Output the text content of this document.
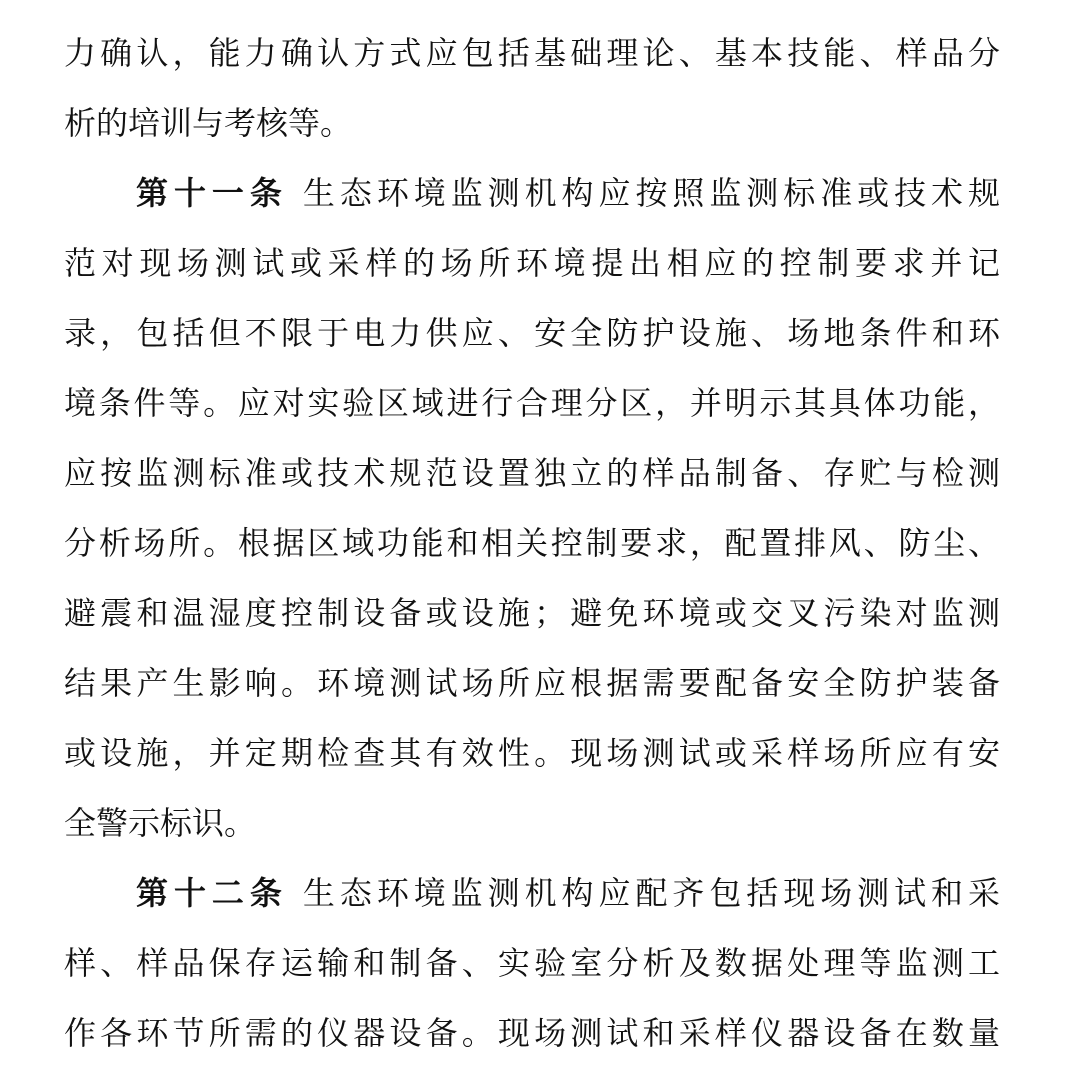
力确认，能力确认方式应包括基础理论、基本技能、样品分
析的培训与考核等。
第十一条 生态环境监测机构应按照监测标准或技术规
范对现场测试或采样的场所环境提出相应的控制要求并记
录，包括但不限于电力供应、安全防护设施、场地条件和环
境条件等。应对实验区域进行合理分区，并明示其具体功能，
应按监测标准或技术规范设置独立的样品制备、存贮与检测
分析场所。根据区域功能和相关控制要求，配置排风、防尘、
避震和温湿度控制设备或设施；避免环境或交叉污染对监测
结果产生影响。环境测试场所应根据需要配备安全防护装备
或设施，并定期检查其有效性。现场测试或采样场所应有安
全警示标识。
第十二条 生态环境监测机构应配齐包括现场测试和采
样、样品保存运输和制备、实验室分析及数据处理等监测工
作各环节所需的仪器设备。现场测试和采样仪器设备在数量
